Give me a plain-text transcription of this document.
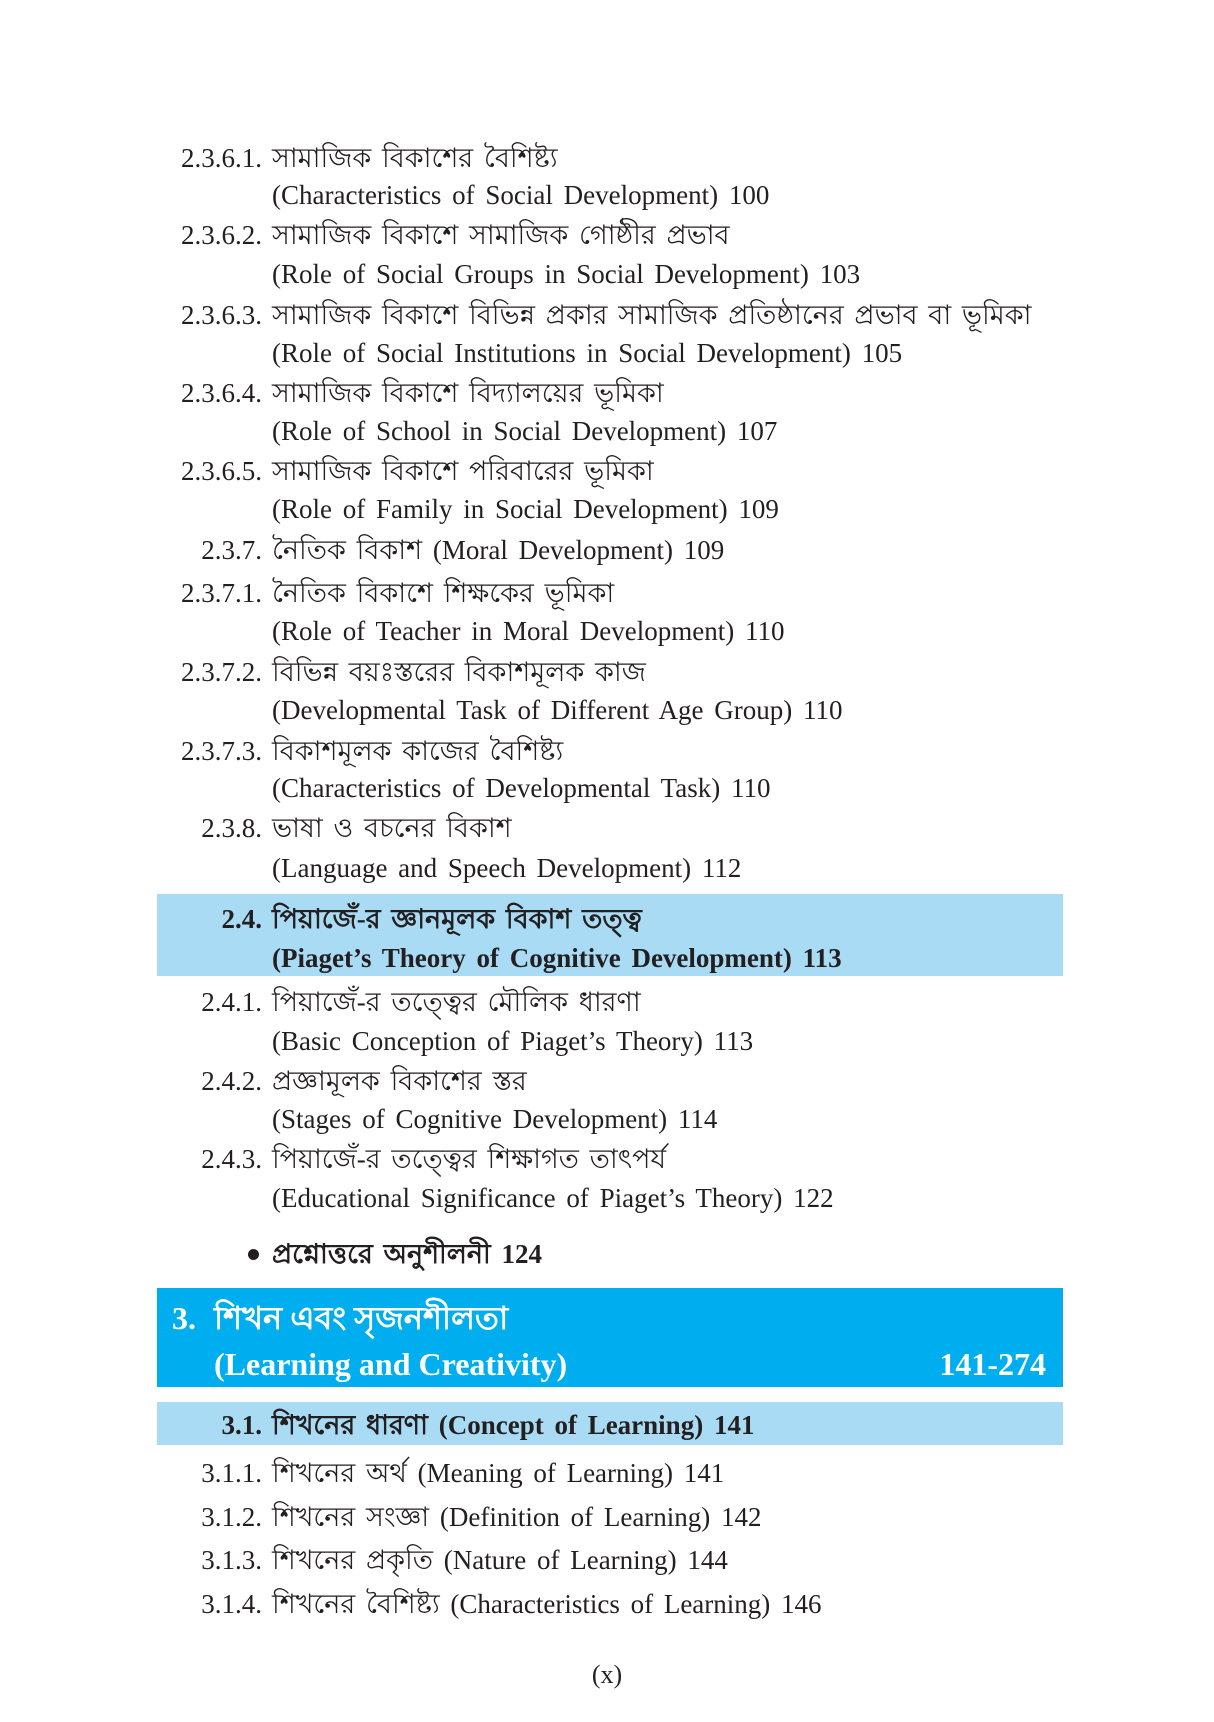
3. শিখন এবং সৃজনশীলতা
(Learning and Creativity)	141-274
2.3.6.1. সামাজিক বিকাশের বৈশিষ্ট্য
(Characteristics of Social Development) 100
2.3.6.2. সামাজিক বিকাশে সামাজিক গোষ্ঠীর প্রভাব
(Role of Social Groups in Social Development) 103
2.3.6.3. সামাজিক বিকাশে বিভিন্ন প্রকার সামাজিক প্রতিষ্ঠানের প্রভাব বা ভূমিকা
(Role of Social Institutions in Social Development) 105
2.3.6.4. সামাজিক বিকাশে বিদ্যালয়ের ভূমিকা
(Role of School in Social Development) 107
2.3.6.5. সামাজিক বিকাশে পরিবারের ভূমিকা
(Role of Family in Social Development) 109
2.3.7. নৈতিক বিকাশ (Moral Development) 109
2.3.7.1. নৈতিক বিকাশে শিক্ষকের ভূমিকা
(Role of Teacher in Moral Development) 110
2.3.7.2. বিভিন্ন বয়ঃস্তরের বিকাশমূলক কাজ
(Developmental Task of Different Age Group) 110
2.3.7.3. বিকাশমূলক কাজের বৈশিষ্ট্য
(Characteristics of Developmental Task) 110
2.3.8. ভাষা ও বচনের বিকাশ
(Language and Speech Development) 112
2.4. পিয়াজেঁ-র জ্ঞানমূলক বিকাশ তত্ত্ব
(Piaget’s Theory of Cognitive Development) 113
2.4.1. পিয়াজেঁ-র তত্ত্বের মৌলিক ধারণা
(Basic Conception of Piaget’s Theory) 113
2.4.2. প্রজ্ঞামূলক বিকাশের স্তর
(Stages of Cognitive Development) 114
2.4.3. পিয়াজেঁ-র তত্ত্বের শিক্ষাগত তাৎপর্য
(Educational Significance of Piaget’s Theory) 122
প্রশ্নোত্তরে অনুশীলনী 124
3.1. শিখনের ধারণা (Concept of Learning) 141
3.1.1. শিখনের অর্থ (Meaning of Learning) 141
3.1.2. শিখনের সংজ্ঞা (Definition of Learning) 142
3.1.3. শিখনের প্রকৃতি (Nature of Learning) 144
3.1.4. শিখনের বৈশিষ্ট্য (Characteristics of Learning) 146
(x)
